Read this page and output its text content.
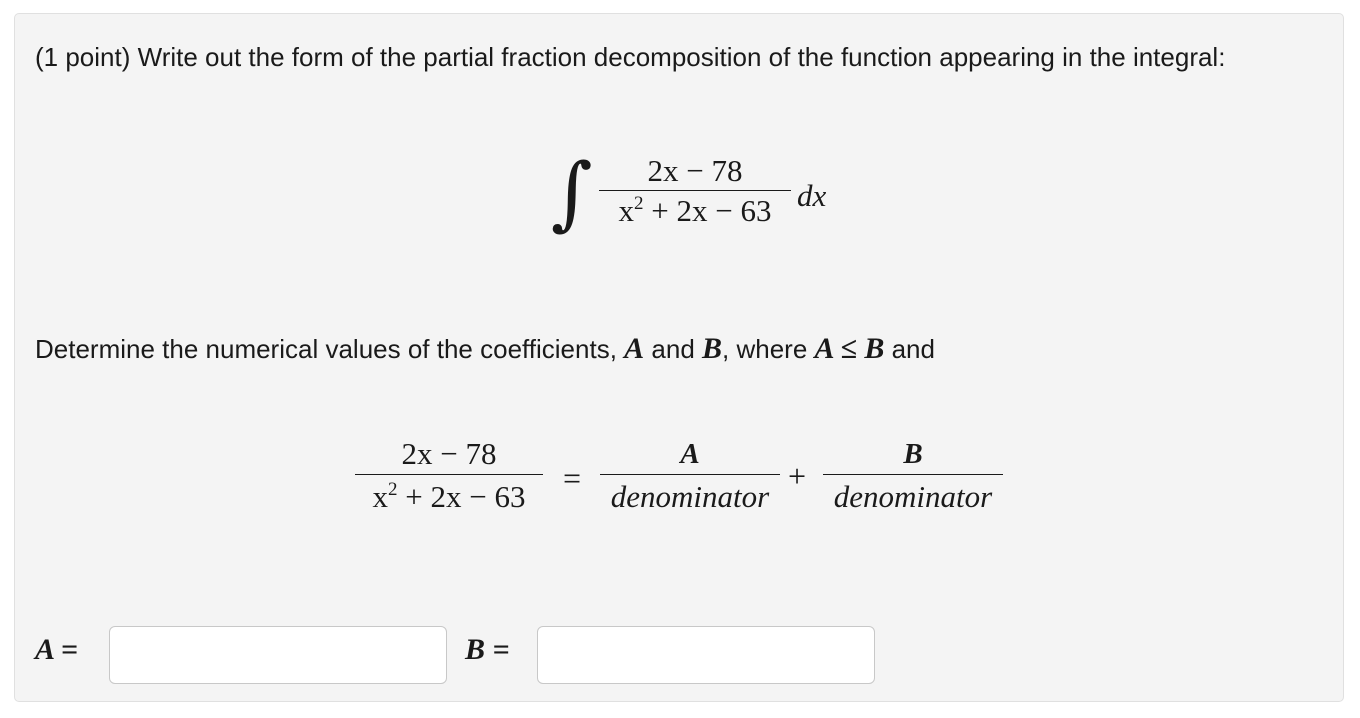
(1 point) Write out the form of the partial fraction decomposition of the function appearing in the integral:
∫	2x − 78
$x^2 + 2x - 63$ dx
Determine the numerical values of the coefficients, A and B, where A ≤ B and
2x − 78
$x^2 + 2x - 63$
=
A
denominator
+
B
denominator
A =	B =
